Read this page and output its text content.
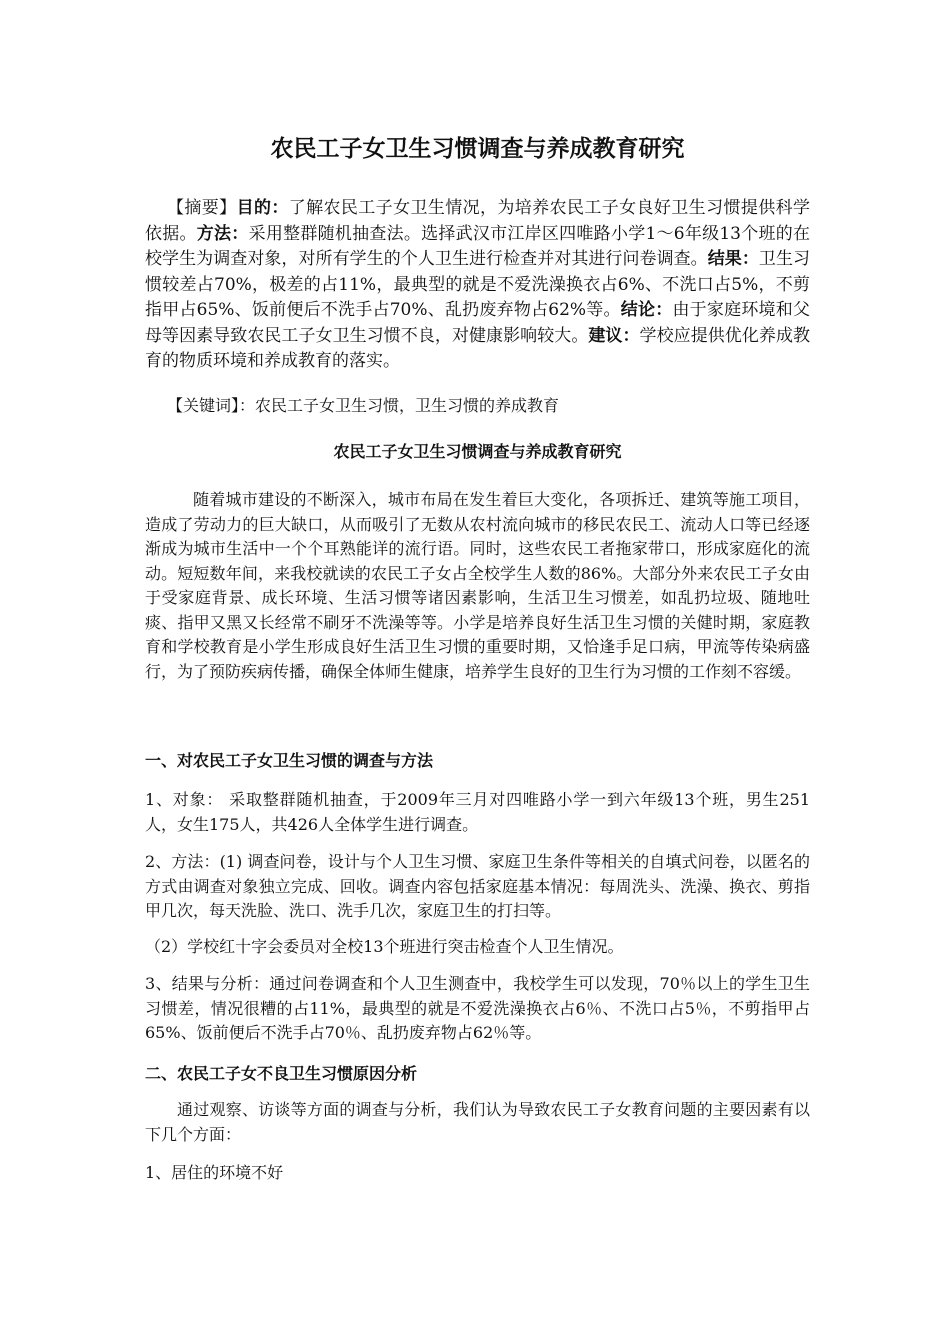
农民工子女卫生习惯调查与养成教育研究

【摘要】目的：了解农民工子女卫生情况，为培养农民工子女良好卫生习惯提供科学依据。方法：采用整群随机抽查法。选择武汉市江岸区四唯路小学1～6年级13个班的在校学生为调查对象，对所有学生的个人卫生进行检查并对其进行问卷调查。结果：卫生习惯较差占70%，极差的占11%，最典型的就是不爱洗澡换衣占6%、不洗口占5%，不剪指甲占65%、饭前便后不洗手占70%、乱扔废弃物占62%等。结论：由于家庭环境和父母等因素导致农民工子女卫生习惯不良，对健康影响较大。建议：学校应提供优化养成教育的物质环境和养成教育的落实。

【关键词】：农民工子女卫生习惯，卫生习惯的养成教育

农民工子女卫生习惯调查与养成教育研究

随着城市建设的不断深入，城市布局在发生着巨大变化，各项拆迁、建筑等施工项目，造成了劳动力的巨大缺口，从而吸引了无数从农村流向城市的移民农民工、流动人口等已经逐渐成为城市生活中一个个耳熟能详的流行语。同时，这些农民工者拖家带口，形成家庭化的流动。短短数年间，来我校就读的农民工子女占全校学生人数的86%。大部分外来农民工子女由于受家庭背景、成长环境、生活习惯等诸因素影响，生活卫生习惯差，如乱扔垃圾、随地吐痰、指甲又黑又长经常不刷牙不洗澡等等。小学是培养良好生活卫生习惯的关健时期，家庭教育和学校教育是小学生形成良好生活卫生习惯的重要时期，又恰逢手足口病，甲流等传染病盛行，为了预防疾病传播，确保全体师生健康，培养学生良好的卫生行为习惯的工作刻不容缓。

一、对农民工子女卫生习惯的调查与方法

1、对象： 采取整群随机抽查，于2009年三月对四唯路小学一到六年级13个班，男生251人，女生175人，共426人全体学生进行调查。

2、方法：(1) 调查问卷，设计与个人卫生习惯、家庭卫生条件等相关的自填式问卷，以匿名的方式由调查对象独立完成、回收。调查内容包括家庭基本情况：每周洗头、洗澡、换衣、剪指甲几次，每天洗脸、洗口、洗手几次，家庭卫生的打扫等。

（2）学校红十字会委员对全校13个班进行突击检查个人卫生情况。

3、结果与分析：通过问卷调查和个人卫生测查中，我校学生可以发现，70％以上的学生卫生习惯差，情况很糟的占11%，最典型的就是不爱洗澡换衣占6％、不洗口占5％，不剪指甲占65%、饭前便后不洗手占70％、乱扔废弃物占62％等。

二、农民工子女不良卫生习惯原因分析

通过观察、访谈等方面的调查与分析，我们认为导致农民工子女教育问题的主要因素有以下几个方面：

1、居住的环境不好
